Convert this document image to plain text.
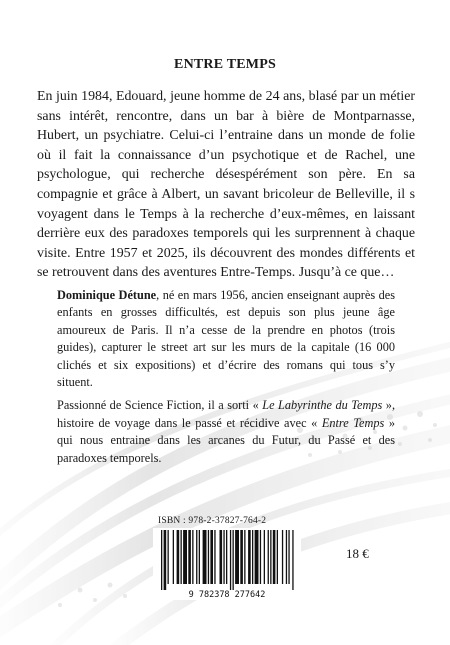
ENTRE TEMPS

En juin 1984, Edouard, jeune homme de 24 ans, blasé par un métier sans intérêt, rencontre, dans un bar à bière de Montparnasse, Hubert, un psychiatre. Celui-ci l’entraine dans un monde de folie où il fait la connaissance d’un psychotique et de Rachel, une psychologue, qui recherche désespérément son père. En sa compagnie et grâce à Albert, un savant bricoleur de Belleville, il s voyagent dans le Temps à la recherche d’eux-mêmes, en laissant derrière eux des paradoxes temporels qui les surprennent à chaque visite. Entre 1957 et 2025, ils découvrent des mondes différents et se retrouvent dans des aventures Entre-Temps. Jusqu’à ce que…

Dominique Détune, né en mars 1956, ancien enseignant auprès des enfants en grosses difficultés, est depuis son plus jeune âge amoureux de Paris. Il n’a cesse de la prendre en photos (trois guides), capturer le street art sur les murs de la capitale (16 000 clichés et six expositions) et d’écrire des romans qui tous s’y situent.

Passionné de Science Fiction, il a sorti « Le Labyrinthe du Temps », histoire de voyage dans le passé et récidive avec « Entre Temps » qui nous entraine dans les arcanes du Futur, du Passé et des paradoxes temporels.

ISBN : 978-2-37827-764-2
9 782378 277642
18 €
